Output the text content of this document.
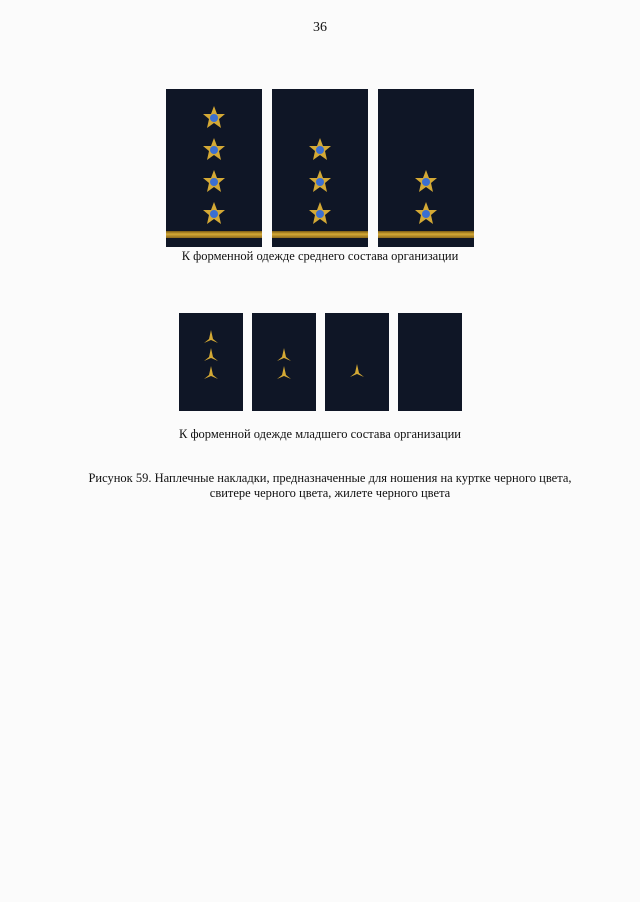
36
К форменной одежде среднего состава организации
К форменной одежде младшего состава организации
Рисунок 59. Наплечные накладки, предназначенные для ношения на куртке черного цвета,
свитере черного цвета, жилете черного цвета
